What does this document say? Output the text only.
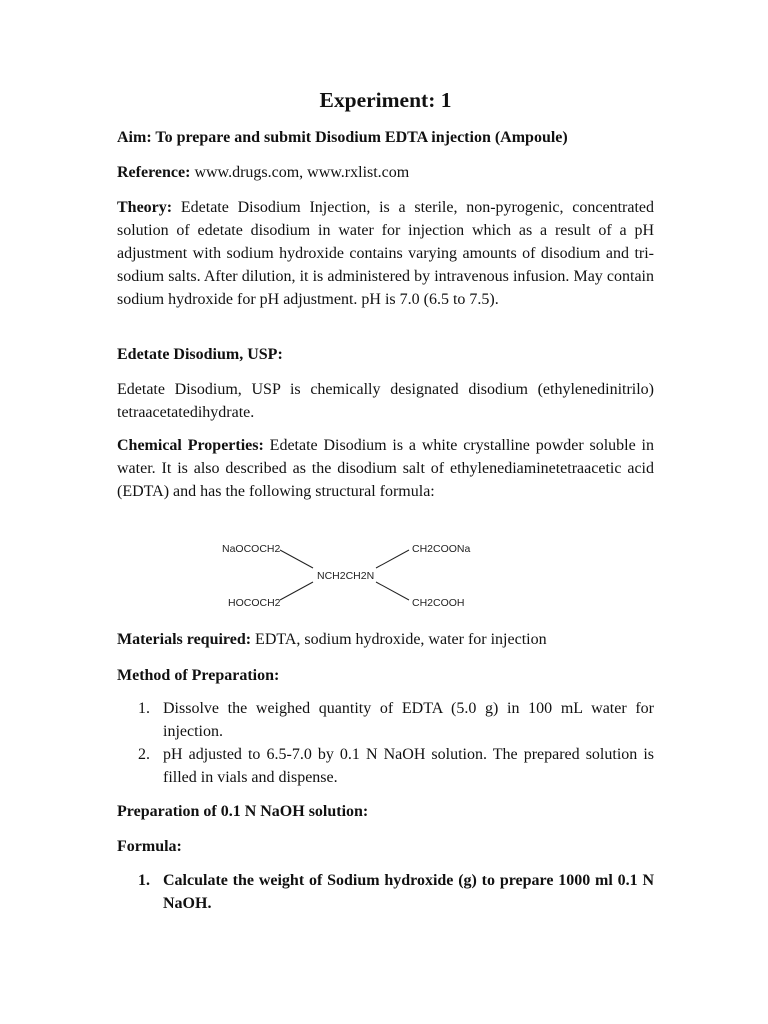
Experiment: 1
Aim: To prepare and submit Disodium EDTA injection (Ampoule)
Reference: www.drugs.com, www.rxlist.com
Theory: Edetate Disodium Injection, is a sterile, non-pyrogenic, concentrated solution of edetate disodium in water for injection which as a result of a pH adjustment with sodium hydroxide contains varying amounts of disodium and tri-sodium salts. After dilution, it is administered by intravenous infusion. May contain sodium hydroxide for pH adjustment. pH is 7.0 (6.5 to 7.5).
Edetate Disodium, USP:
Edetate Disodium, USP is chemically designated disodium (ethylenedinitrilo) tetraacetatedihydrate.
Chemical Properties: Edetate Disodium is a white crystalline powder soluble in water. It is also described as the disodium salt of ethylenediaminetetraacetic acid (EDTA) and has the following structural formula:
Materials required: EDTA, sodium hydroxide, water for injection
Method of Preparation:
1. Dissolve the weighed quantity of EDTA (5.0 g) in 100 mL water for injection.
2. pH adjusted to 6.5-7.0 by 0.1 N NaOH solution. The prepared solution is filled in vials and dispense.
Preparation of 0.1 N NaOH solution:
Formula:
1. Calculate the weight of Sodium hydroxide (g) to prepare 1000 ml 0.1 N NaOH.
NaOCOCH2
HOCOCH2
NCH2CH2N
CH2COONa
CH2COOH
